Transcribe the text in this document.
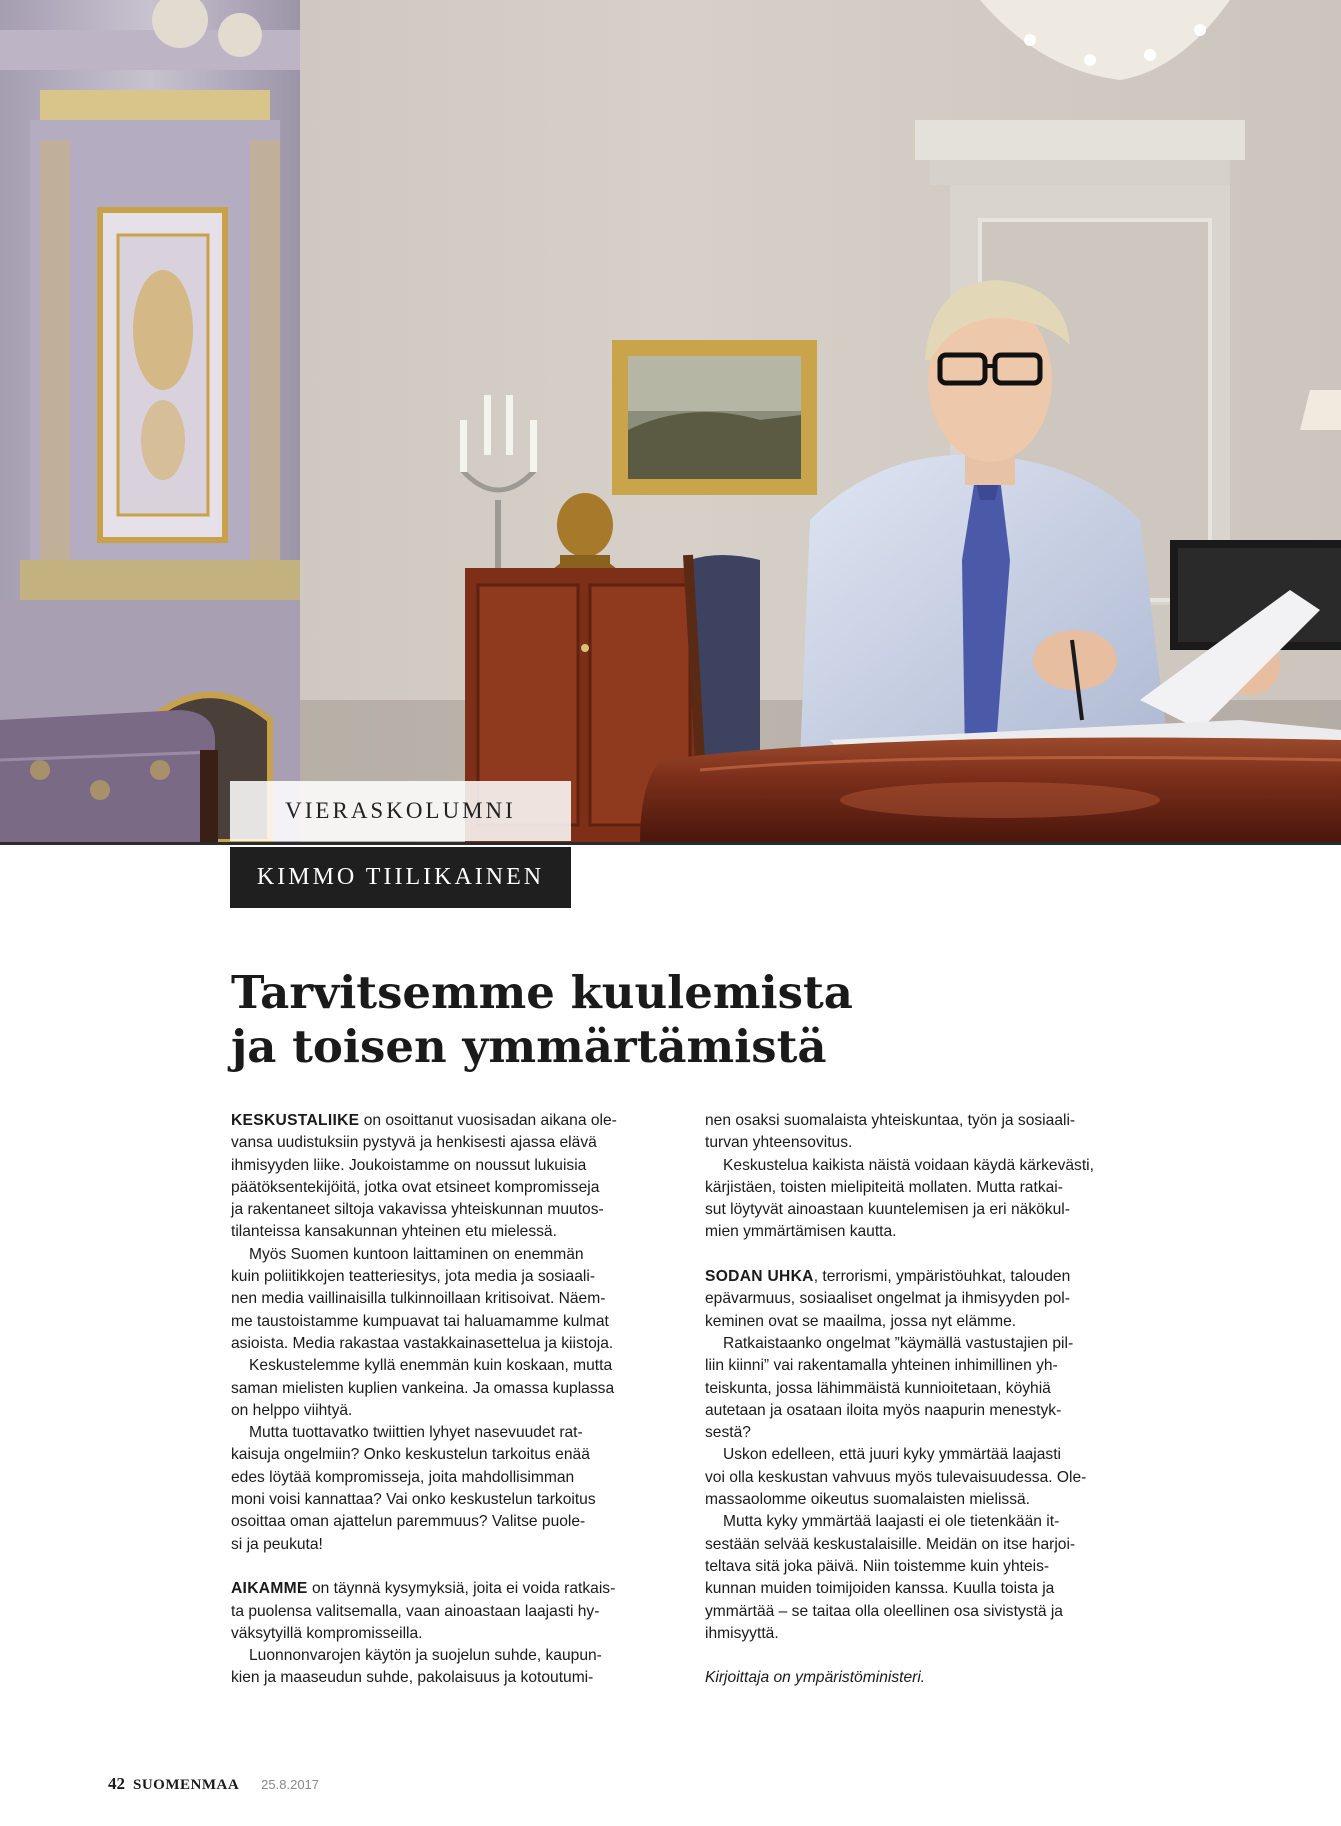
VIERASKOLUMNI
KIMMO TIILIKAINEN
Tarvitsemme kuulemista
ja toisen ymmärtämistä
KESKUSTALIIKE on osoittanut vuosisadan aikana ole-
vansa uudistuksiin pystyvä ja henkisesti ajassa elävä
ihmisyyden liike. Joukoistamme on noussut lukuisia
päätöksentekijöitä, jotka ovat etsineet kompromisseja
ja rakentaneet siltoja vakavissa yhteiskunnan muutos-
tilanteissa kansakunnan yhteinen etu mielessä.
Myös Suomen kuntoon laittaminen on enemmän
kuin poliitikkojen teatteriesitys, jota media ja sosiaali-
nen media vaillinaisilla tulkinnoillaan kritisoivat. Näem-
me taustoistamme kumpuavat tai haluamamme kulmat
asioista. Media rakastaa vastakkainasettelua ja kiistoja.
Keskustelemme kyllä enemmän kuin koskaan, mutta
saman mielisten kuplien vankeina. Ja omassa kuplassa
on helppo viihtyä.
Mutta tuottavatko twiittien lyhyet nasevuudet rat-
kaisuja ongelmiin? Onko keskustelun tarkoitus enää
edes löytää kompromisseja, joita mahdollisimman
moni voisi kannattaa? Vai onko keskustelun tarkoitus
osoittaa oman ajattelun paremmuus? Valitse puole-
si ja peukuta!
AIKAMME on täynnä kysymyksiä, joita ei voida ratkais-
ta puolensa valitsemalla, vaan ainoastaan laajasti hy-
väksytyillä kompromisseilla.
Luonnonvarojen käytön ja suojelun suhde, kaupun-
kien ja maaseudun suhde, pakolaisuus ja kotoutumi-
nen osaksi suomalaista yhteiskuntaa, työn ja sosiaali-
turvan yhteensovitus.
Keskustelua kaikista näistä voidaan käydä kärkevästi,
kärjistäen, toisten mielipiteitä mollaten. Mutta ratkai-
sut löytyvät ainoastaan kuuntelemisen ja eri näkökul-
mien ymmärtämisen kautta.
SODAN UHKA, terrorismi, ympäristöuhkat, talouden
epävarmuus, sosiaaliset ongelmat ja ihmisyyden pol-
keminen ovat se maailma, jossa nyt elämme.
Ratkaistaanko ongelmat ”käymällä vastustajien pil-
liin kiinni” vai rakentamalla yhteinen inhimillinen yh-
teiskunta, jossa lähimmäistä kunnioitetaan, köyhiä
autetaan ja osataan iloita myös naapurin menestyk-
sestä?
Uskon edelleen, että juuri kyky ymmärtää laajasti
voi olla keskustan vahvuus myös tulevaisuudessa. Ole-
massaolomme oikeutus suomalaisten mielissä.
Mutta kyky ymmärtää laajasti ei ole tietenkään it-
sestään selvää keskustalaisille. Meidän on itse harjoi-
teltava sitä joka päivä. Niin toistemme kuin yhteis-
kunnan muiden toimijoiden kanssa. Kuulla toista ja
ymmärtää – se taitaa olla oleellinen osa sivistystä ja
ihmisyyttä.
Kirjoittaja on ympäristöministeri.
42 SUOMENMAA 25.8.2017
